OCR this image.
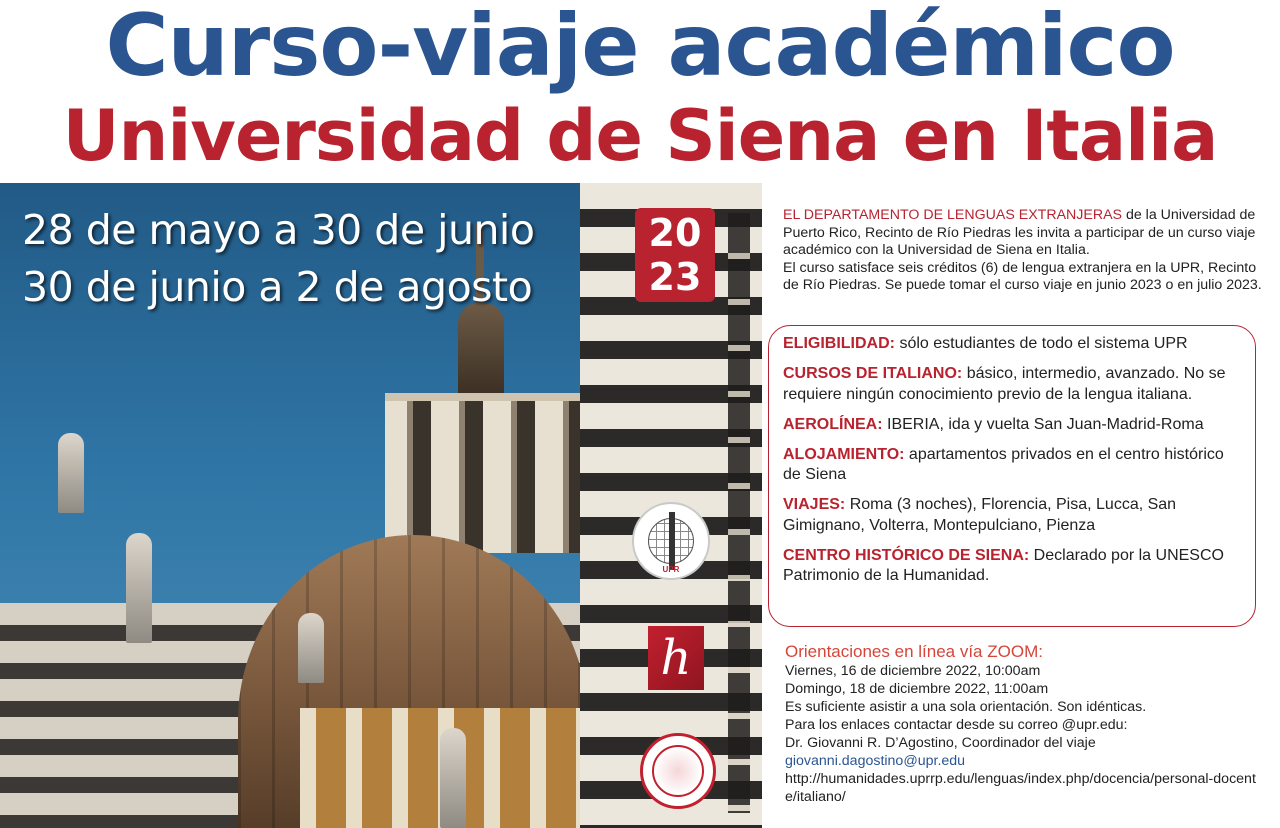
Curso-viaje académico
Universidad de Siena en Italia
28 de mayo a 30 de junio
30 de junio a 2 de agosto
20
23
UPR
h
EL DEPARTAMENTO DE LENGUAS EXTRANJERAS de la Universidad de Puerto Rico, Recinto de Río Piedras les invita a participar de un curso viaje académico con la Universidad de Siena en Italia.
El curso satisface seis créditos (6) de lengua extranjera en la UPR, Recinto de Río Piedras. Se puede tomar el curso viaje en junio 2023 o en julio 2023.
ELIGIBILIDAD: sólo estudiantes de todo el sistema UPR
CURSOS DE ITALIANO: básico, intermedio, avanzado. No se requiere ningún conocimiento previo de la lengua italiana.
AEROLÍNEA: IBERIA, ida y vuelta San Juan-Madrid-Roma
ALOJAMIENTO: apartamentos privados en el centro histórico de Siena
VIAJES: Roma (3 noches), Florencia, Pisa, Lucca, San Gimignano, Volterra, Montepulciano, Pienza
CENTRO HISTÓRICO DE SIENA: Declarado por la UNESCO Patrimonio de la Humanidad.
Orientaciones en línea vía ZOOM:
Viernes, 16 de diciembre 2022, 10:00am
Domingo, 18 de diciembre 2022, 11:00am
Es suficiente asistir a una sola orientación. Son idénticas.
Para los enlaces contactar desde su correo @upr.edu:
Dr. Giovanni R. D’Agostino, Coordinador del viaje
giovanni.dagostino@upr.edu
http://humanidades.uprrp.edu/lenguas/index.php/docencia/personal-docente/italiano/
